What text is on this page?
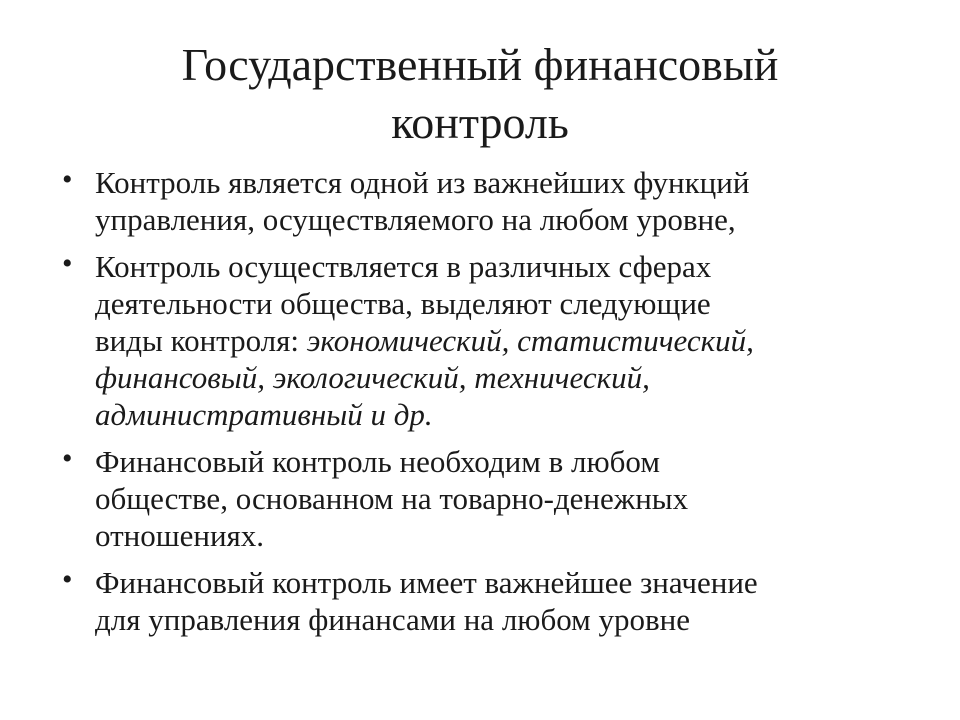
Государственный финансовый
контроль
• Контроль является одной из важнейших функций
управления, осуществляемого на любом уровне,
• Контроль осуществляется в различных сферах
деятельности общества, выделяют следующие
виды контроля: экономический, статистический,
финансовый, экологический, технический,
административный и др.
• Финансовый контроль необходим в любом
обществе, основанном на товарно-денежных
отношениях.
• Финансовый контроль имеет важнейшее значение
для управления финансами на любом уровне
